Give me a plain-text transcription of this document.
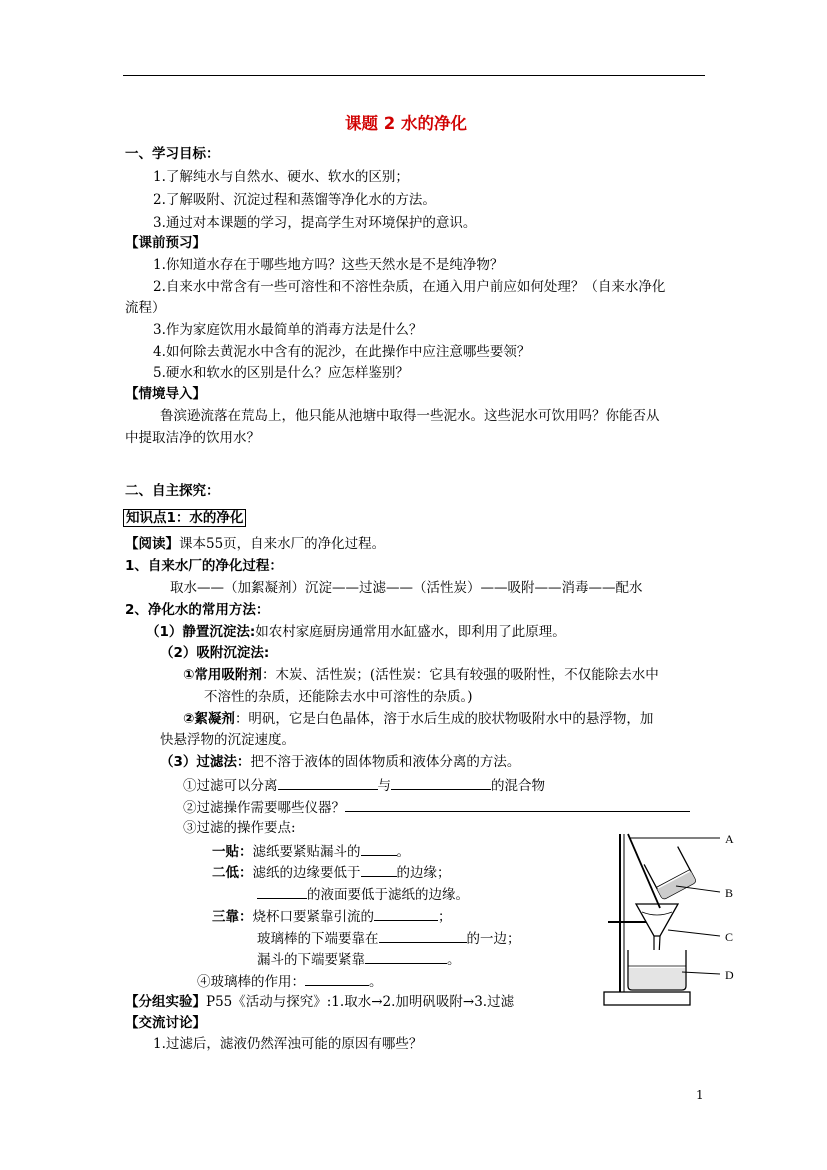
课题 2 水的净化
一、学习目标：
1.了解纯水与自然水、硬水、软水的区别；
2.了解吸附、沉淀过程和蒸馏等净化水的方法。
3.通过对本课题的学习，提高学生对环境保护的意识。
【课前预习】
1.你知道水存在于哪些地方吗？这些天然水是不是纯净物？
2.自来水中常含有一些可溶性和不溶性杂质，在通入用户前应如何处理？（自来水净化
流程）
3.作为家庭饮用水最简单的消毒方法是什么？
4.如何除去黄泥水中含有的泥沙，在此操作中应注意哪些要领？
5.硬水和软水的区别是什么？应怎样鉴别？
【情境导入】
鲁滨逊流落在荒岛上，他只能从池塘中取得一些泥水。这些泥水可饮用吗？你能否从
中提取洁净的饮用水？
二、自主探究：
知识点1：水的净化
【阅读】课本55页，自来水厂的净化过程。
1、自来水厂的净化过程：
取水——（加絮凝剂）沉淀——过滤——（活性炭）——吸附——消毒——配水
2、净化水的常用方法：
（1）静置沉淀法:如农村家庭厨房通常用水缸盛水，即利用了此原理。
（2）吸附沉淀法:
①常用吸附剂：木炭、活性炭；(活性炭：它具有较强的吸附性，不仅能除去水中
不溶性的杂质，还能除去水中可溶性的杂质。)
②絮凝剂：明矾，它是白色晶体，溶于水后生成的胶状物吸附水中的悬浮物，加
快悬浮物的沉淀速度。
（3）过滤法：把不溶于液体的固体物质和液体分离的方法。
①过滤可以分离	与	的混合物
②过滤操作需要哪些仪器？
③过滤的操作要点:
一贴：滤纸要紧贴漏斗的	。
二低：滤纸的边缘要低于	的边缘；
的液面要低于滤纸的边缘。
三靠：烧杯口要紧靠引流的	；
玻璃棒的下端要靠在	的一边；
漏斗的下端要紧靠	。
④玻璃棒的作用：	。
【分组实验】P55《活动与探究》:1.取水→2.加明矾吸附→3.过滤
【交流讨论】
1.过滤后，滤液仍然浑浊可能的原因有哪些？
A
B
C
D
1
